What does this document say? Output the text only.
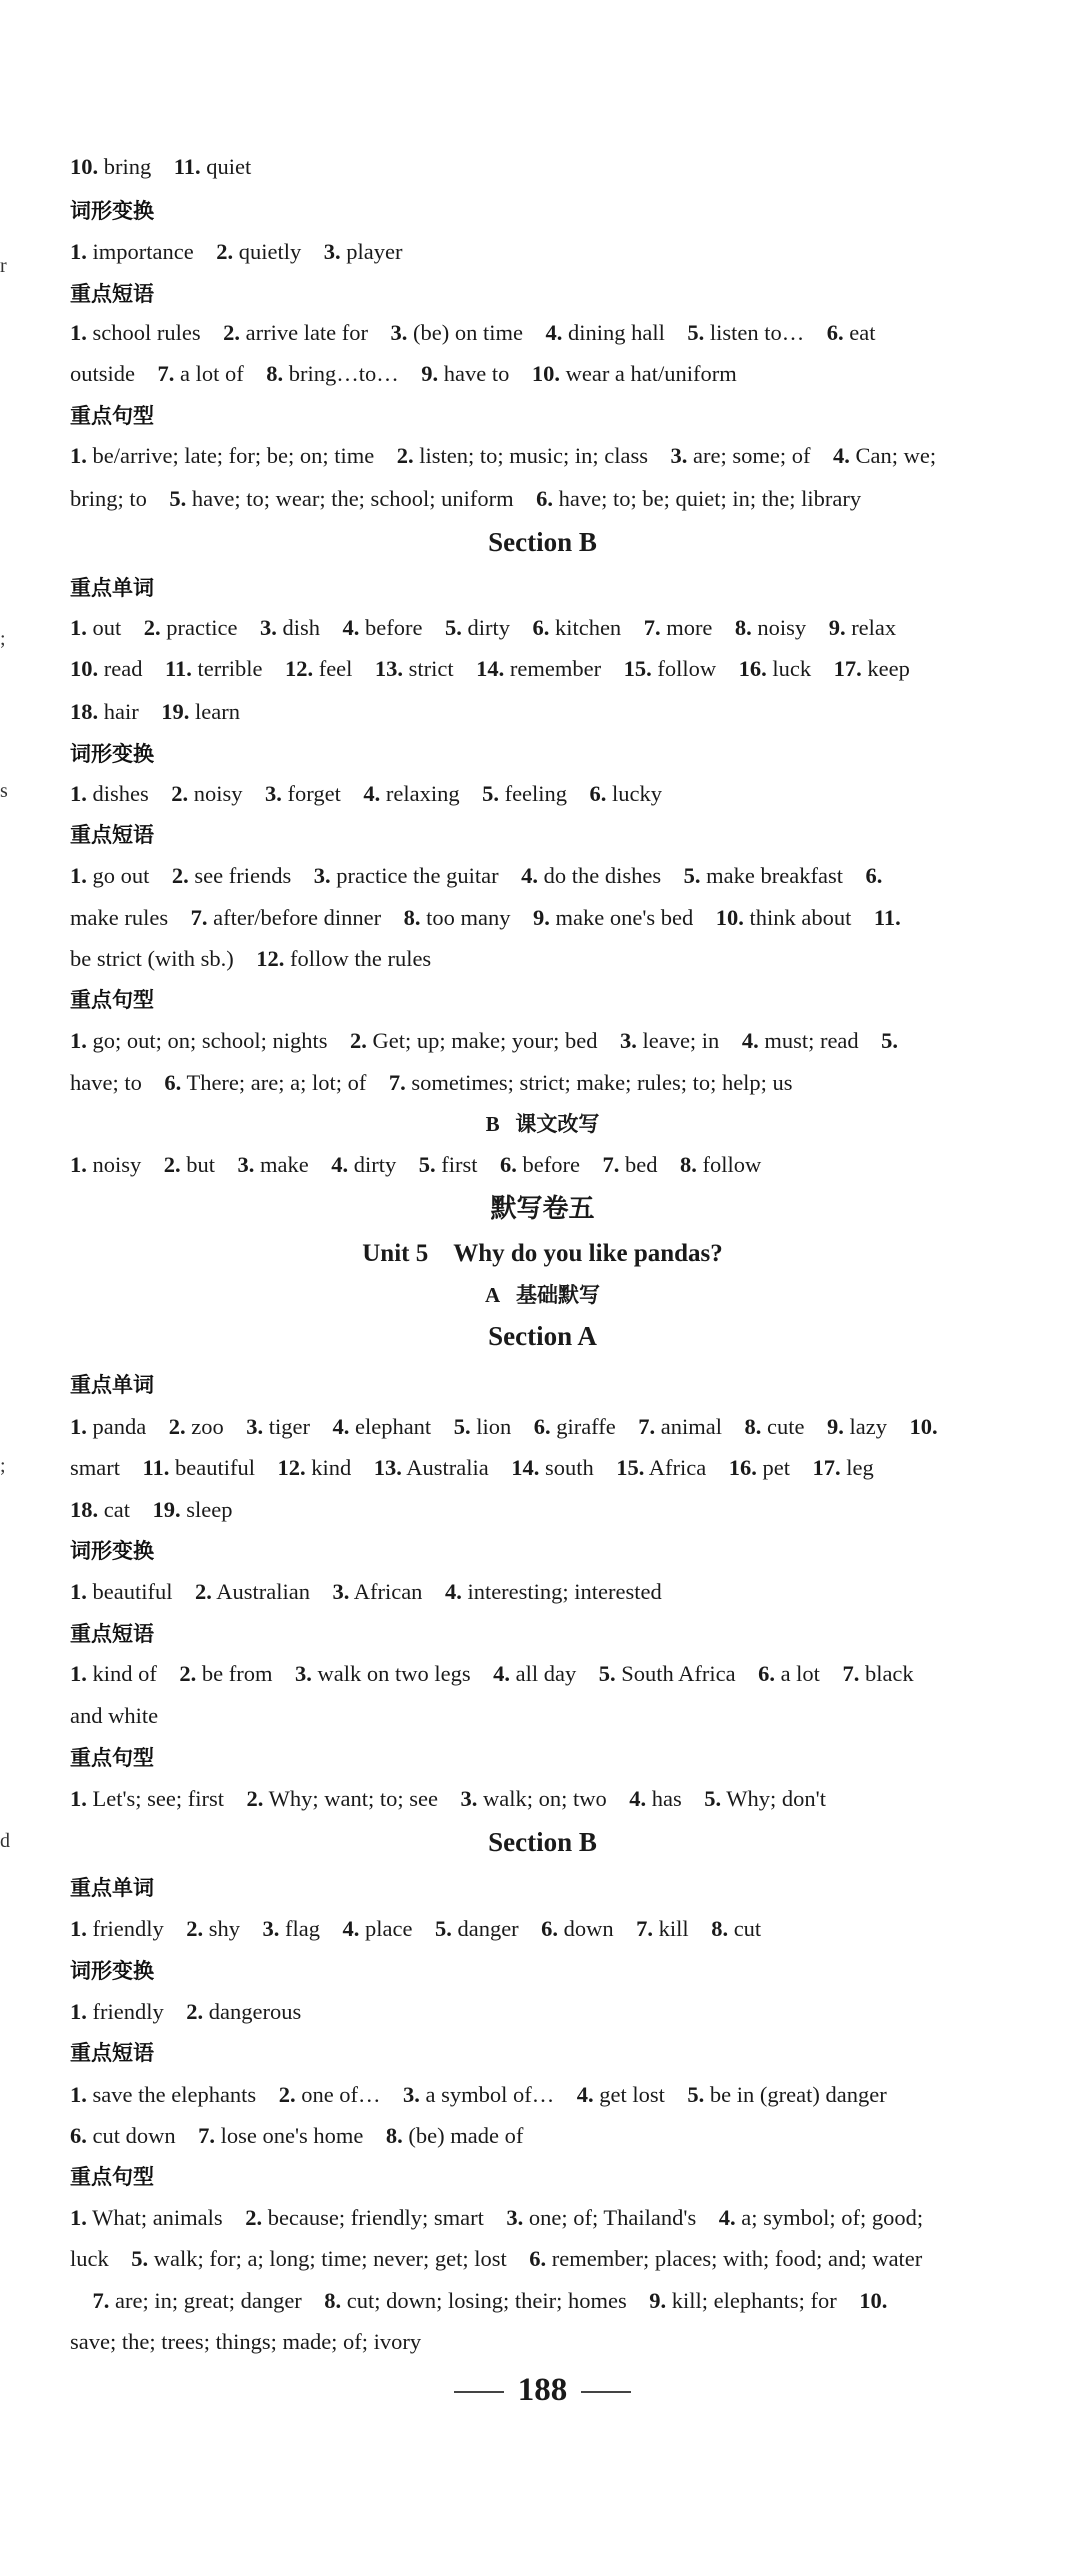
r
;
s
;
d
10. bring　11. quiet
词形变换
1. importance　2. quietly　3. player
重点短语
1. school rules　2. arrive late for　3. (be) on time　4. dining hall　5. listen to…　6. eat
outside　7. a lot of　8. bring…to…　9. have to　10. wear a hat/uniform
重点句型
1. be/arrive; late; for; be; on; time　2. listen; to; music; in; class　3. are; some; of　4. Can; we;
bring; to　5. have; to; wear; the; school; uniform　6. have; to; be; quiet; in; the; library
Section B
重点单词
1. out　2. practice　3. dish　4. before　5. dirty　6. kitchen　7. more　8. noisy　9. relax
10. read　11. terrible　12. feel　13. strict　14. remember　15. follow　16. luck　17. keep
18. hair　19. learn
词形变换
1. dishes　2. noisy　3. forget　4. relaxing　5. feeling　6. lucky
重点短语
1. go out　2. see friends　3. practice the guitar　4. do the dishes　5. make breakfast　6.
make rules　7. after/before dinner　8. too many　9. make one's bed　10. think about　11.
be strict (with sb.)　12. follow the rules
重点句型
1. go; out; on; school; nights　2. Get; up; make; your; bed　3. leave; in　4. must; read　5.
have; to　6. There; are; a; lot; of　7. sometimes; strict; make; rules; to; help; us
B 课文改写
1. noisy　2. but　3. make　4. dirty　5. first　6. before　7. bed　8. follow
默写卷五
Unit 5　Why do you like pandas?
A 基础默写
Section A
重点单词
1. panda　2. zoo　3. tiger　4. elephant　5. lion　6. giraffe　7. animal　8. cute　9. lazy　10.
smart　11. beautiful　12. kind　13. Australia　14. south　15. Africa　16. pet　17. leg
18. cat　19. sleep
词形变换
1. beautiful　2. Australian　3. African　4. interesting; interested
重点短语
1. kind of　2. be from　3. walk on two legs　4. all day　5. South Africa　6. a lot　7. black
and white
重点句型
1. Let's; see; first　2. Why; want; to; see　3. walk; on; two　4. has　5. Why; don't
Section B
重点单词
1. friendly　2. shy　3. flag　4. place　5. danger　6. down　7. kill　8. cut
词形变换
1. friendly　2. dangerous
重点短语
1. save the elephants　2. one of…　3. a symbol of…　4. get lost　5. be in (great) danger
6. cut down　7. lose one's home　8. (be) made of
重点句型
1. What; animals　2. because; friendly; smart　3. one; of; Thailand's　4. a; symbol; of; good;
luck　5. walk; for; a; long; time; never; get; lost　6. remember; places; with; food; and; water
　7. are; in; great; danger　8. cut; down; losing; their; homes　9. kill; elephants; for　10.
save; the; trees; things; made; of; ivory
188
